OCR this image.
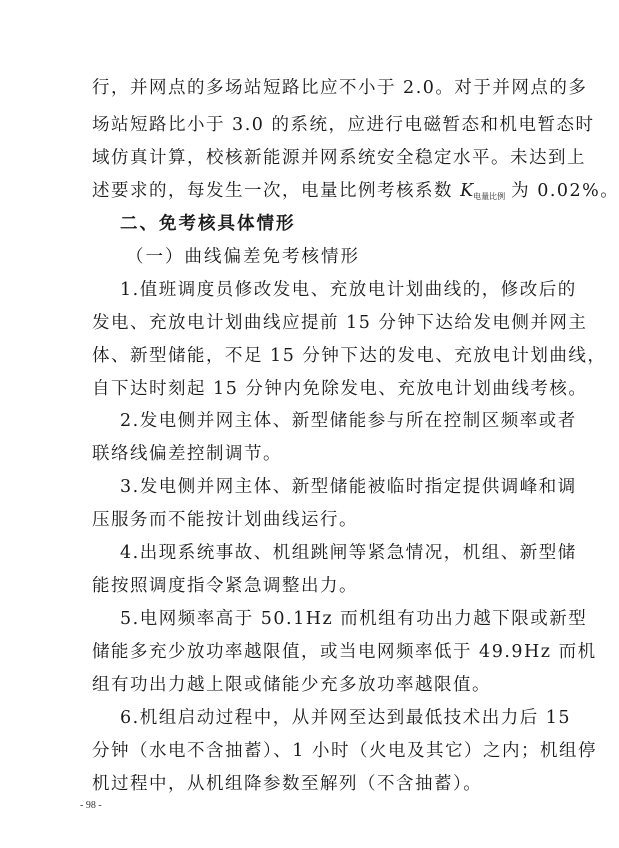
行，并网点的多场站短路比应不小于 2.0。对于并网点的多
场站短路比小于 3.0 的系统，应进行电磁暂态和机电暂态时
域仿真计算，校核新能源并网系统安全稳定水平。未达到上
述要求的，每发生一次，电量比例考核系数 K电量比例 为 0.02%。
二、免考核具体情形
（一）曲线偏差免考核情形
1.值班调度员修改发电、充放电计划曲线的，修改后的
发电、充放电计划曲线应提前 15 分钟下达给发电侧并网主
体、新型储能，不足 15 分钟下达的发电、充放电计划曲线，
自下达时刻起 15 分钟内免除发电、充放电计划曲线考核。
2.发电侧并网主体、新型储能参与所在控制区频率或者
联络线偏差控制调节。
3.发电侧并网主体、新型储能被临时指定提供调峰和调
压服务而不能按计划曲线运行。
4.出现系统事故、机组跳闸等紧急情况，机组、新型储
能按照调度指令紧急调整出力。
5.电网频率高于 50.1Hz 而机组有功出力越下限或新型
储能多充少放功率越限值，或当电网频率低于 49.9Hz 而机
组有功出力越上限或储能少充多放功率越限值。
6.机组启动过程中，从并网至达到最低技术出力后 15
分钟（水电不含抽蓄）、1 小时（火电及其它）之内；机组停
机过程中，从机组降参数至解列（不含抽蓄）。
- 98 -
